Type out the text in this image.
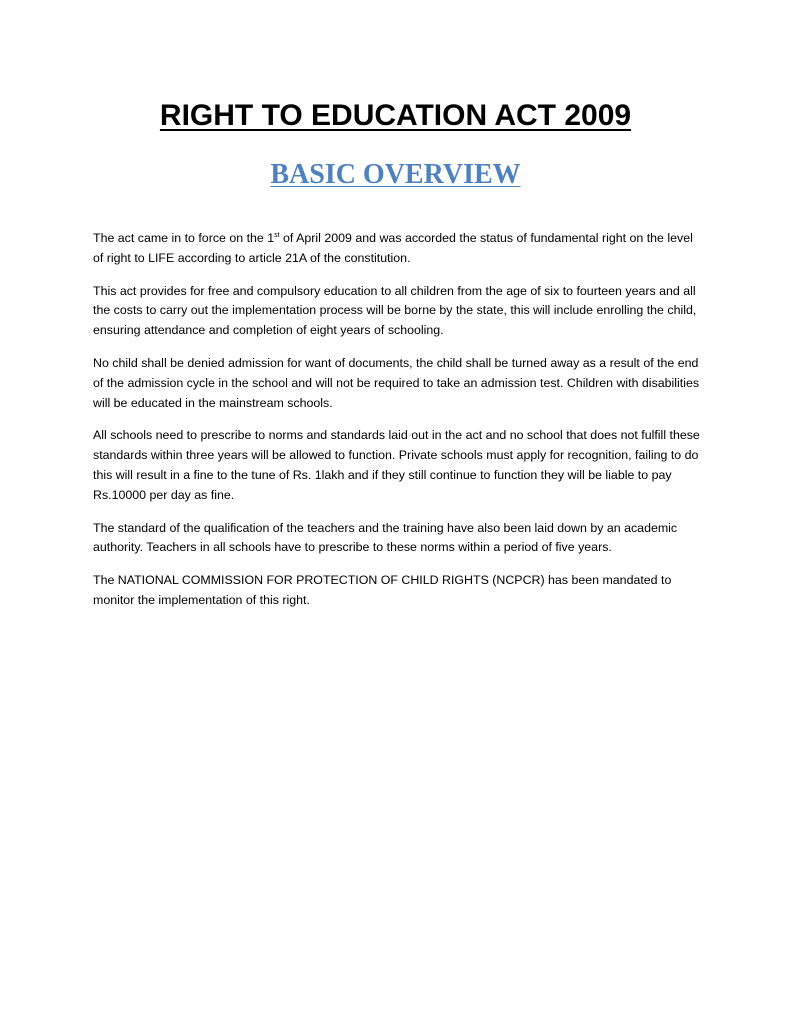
RIGHT TO EDUCATION ACT 2009
BASIC OVERVIEW

The act came in to force on the 1st of April 2009 and was accorded the status of fundamental right on the level of right to LIFE according to article 21A of the constitution.

This act provides for free and compulsory education to all children from the age of six to fourteen years and all the costs to carry out the implementation process will be borne by the state, this will include enrolling the child, ensuring attendance and completion of eight years of schooling.

No child shall be denied admission for want of documents, the child shall be turned away as a result of the end of the admission cycle in the school and will not be required to take an admission test. Children with disabilities will be educated in the mainstream schools.

All schools need to prescribe to norms and standards laid out in the act and no school that does not fulfill these standards within three years will be allowed to function. Private schools must apply for recognition, failing to do this will result in a fine to the tune of Rs. 1lakh and if they still continue to function they will be liable to pay Rs.10000 per day as fine.

The standard of the qualification of the teachers and the training have also been laid down by an academic authority. Teachers in all schools have to prescribe to these norms within a period of five years.

The NATIONAL COMMISSION FOR PROTECTION OF CHILD RIGHTS (NCPCR) has been mandated to monitor the implementation of this right.
